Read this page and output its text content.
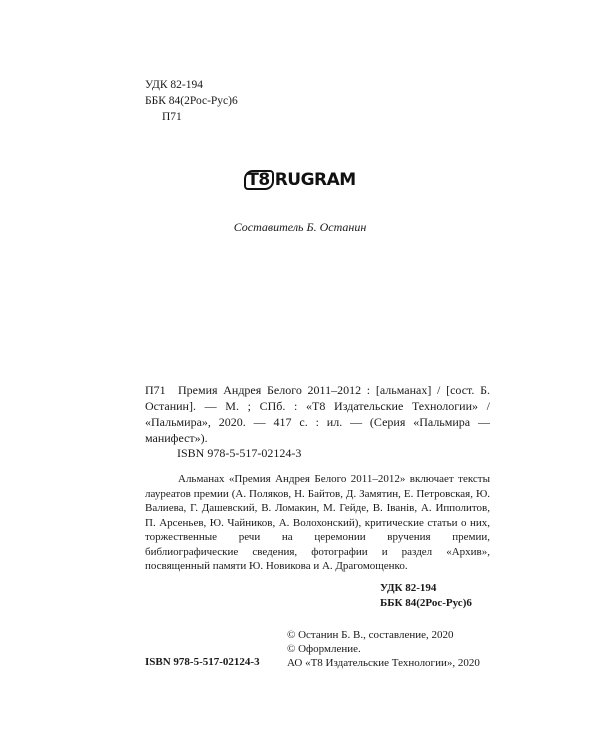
УДК 82-194
ББК 84(2Рос-Рус)6
П71
T8 RUGRAM
Составитель Б. Останин
П71	Премия Андрея Белого 2011–2012 : [альманах] / [сост. Б. Останин]. — М. ; СПб. : «Т8 Издательские Технологии» / «Пальмира», 2020. — 417 с. : ил. — (Серия «Пальмира — манифест»).

ISBN 978-5-517-02124-3
Альманах «Премия Андрея Белого 2011–2012» включает тексты лауреатов премии (А. Поляков, Н. Байтов, Д. Замятин, Е. Петровская, Ю. Валиева, Г. Дашевский, В. Ломакин, М. Гейде, В. Іванів, А. Ипполитов, П. Арсеньев, Ю. Чайников, А. Волохонский), критические статьи о них, торжественные речи на церемонии вручения премии, библиографические сведения, фотографии и раздел «Архив», посвященный памяти Ю. Новикова и А. Драгомощенко.
УДК 82-194
ББК 84(2Рос-Рус)6
© Останин Б. В., составление, 2020
© Оформление.
АО «Т8 Издательские Технологии», 2020
ISBN 978-5-517-02124-3
